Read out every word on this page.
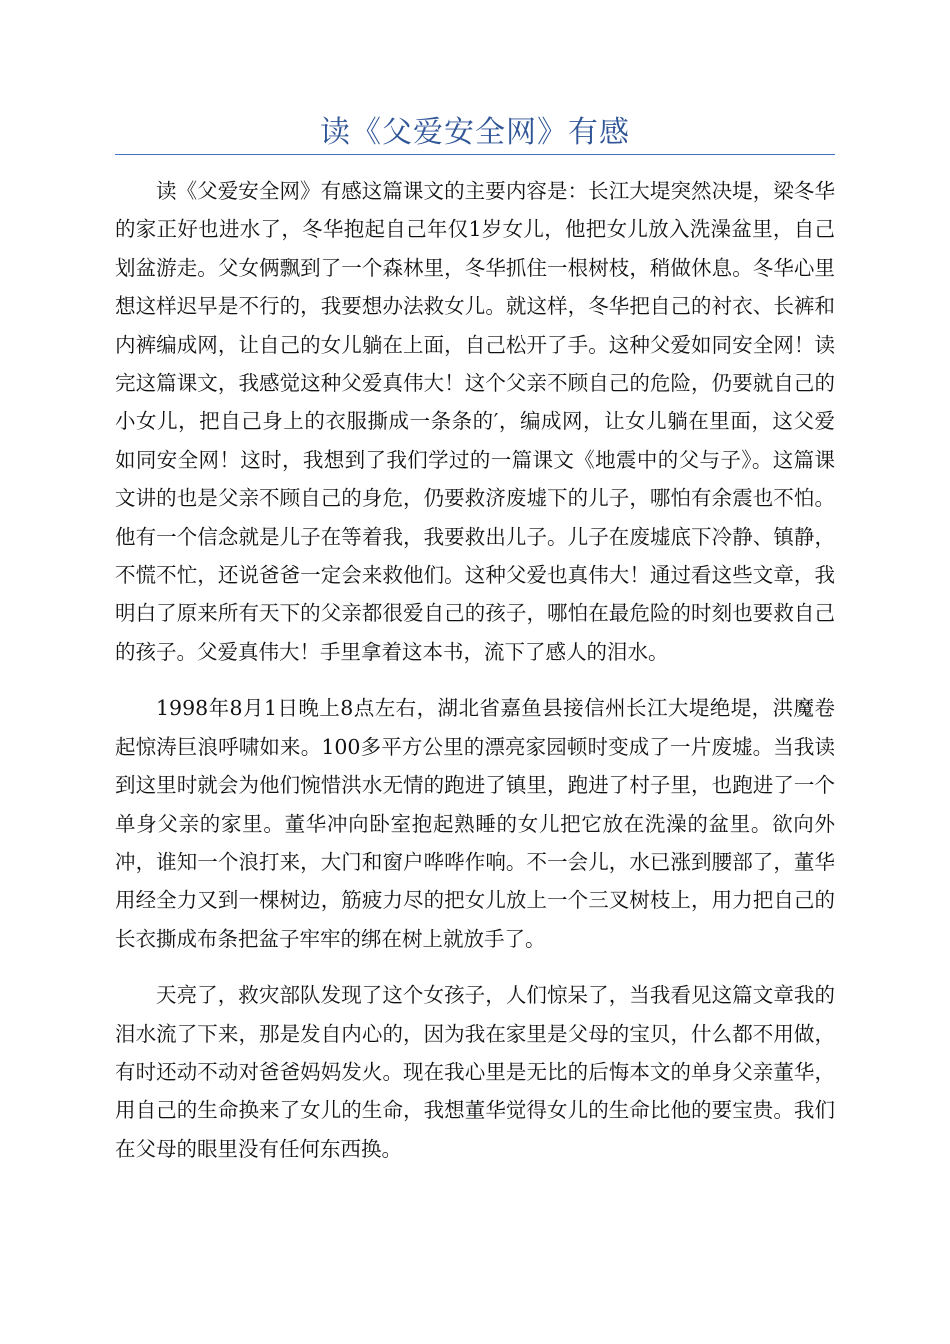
读《父爱安全网》有感

读《父爱安全网》有感这篇课文的主要内容是：长江大堤突然决堤，梁冬华的家正好也进水了，冬华抱起自己年仅1岁女儿，他把女儿放入洗澡盆里，自己划盆游走。父女俩飘到了一个森林里，冬华抓住一根树枝，稍做休息。冬华心里想这样迟早是不行的，我要想办法救女儿。就这样，冬华把自己的衬衣、长裤和内裤编成网，让自己的女儿躺在上面，自己松开了手。这种父爱如同安全网！读完这篇课文，我感觉这种父爱真伟大！这个父亲不顾自己的危险，仍要就自己的小女儿，把自己身上的衣服撕成一条条的′，编成网，让女儿躺在里面，这父爱如同安全网！这时，我想到了我们学过的一篇课文《地震中的父与子》。这篇课文讲的也是父亲不顾自己的身危，仍要救济废墟下的儿子，哪怕有余震也不怕。他有一个信念就是儿子在等着我，我要救出儿子。儿子在废墟底下冷静、镇静，不慌不忙，还说爸爸一定会来救他们。这种父爱也真伟大！通过看这些文章，我明白了原来所有天下的父亲都很爱自己的孩子，哪怕在最危险的时刻也要救自己的孩子。父爱真伟大！手里拿着这本书，流下了感人的泪水。

1998年8月1日晚上8点左右，湖北省嘉鱼县接信州长江大堤绝堤，洪魔卷起惊涛巨浪呼啸如来。100多平方公里的漂亮家园顿时变成了一片废墟。当我读到这里时就会为他们惋惜洪水无情的跑进了镇里，跑进了村子里，也跑进了一个单身父亲的家里。董华冲向卧室抱起熟睡的女儿把它放在洗澡的盆里。欲向外冲，谁知一个浪打来，大门和窗户哗哗作响。不一会儿，水已涨到腰部了，董华用经全力又到一棵树边，筋疲力尽的把女儿放上一个三叉树枝上，用力把自己的长衣撕成布条把盆子牢牢的绑在树上就放手了。

天亮了，救灾部队发现了这个女孩子，人们惊呆了，当我看见这篇文章我的泪水流了下来，那是发自内心的，因为我在家里是父母的宝贝，什么都不用做，有时还动不动对爸爸妈妈发火。现在我心里是无比的后悔本文的单身父亲董华，用自己的生命换来了女儿的生命，我想董华觉得女儿的生命比他的要宝贵。我们在父母的眼里没有任何东西换。
